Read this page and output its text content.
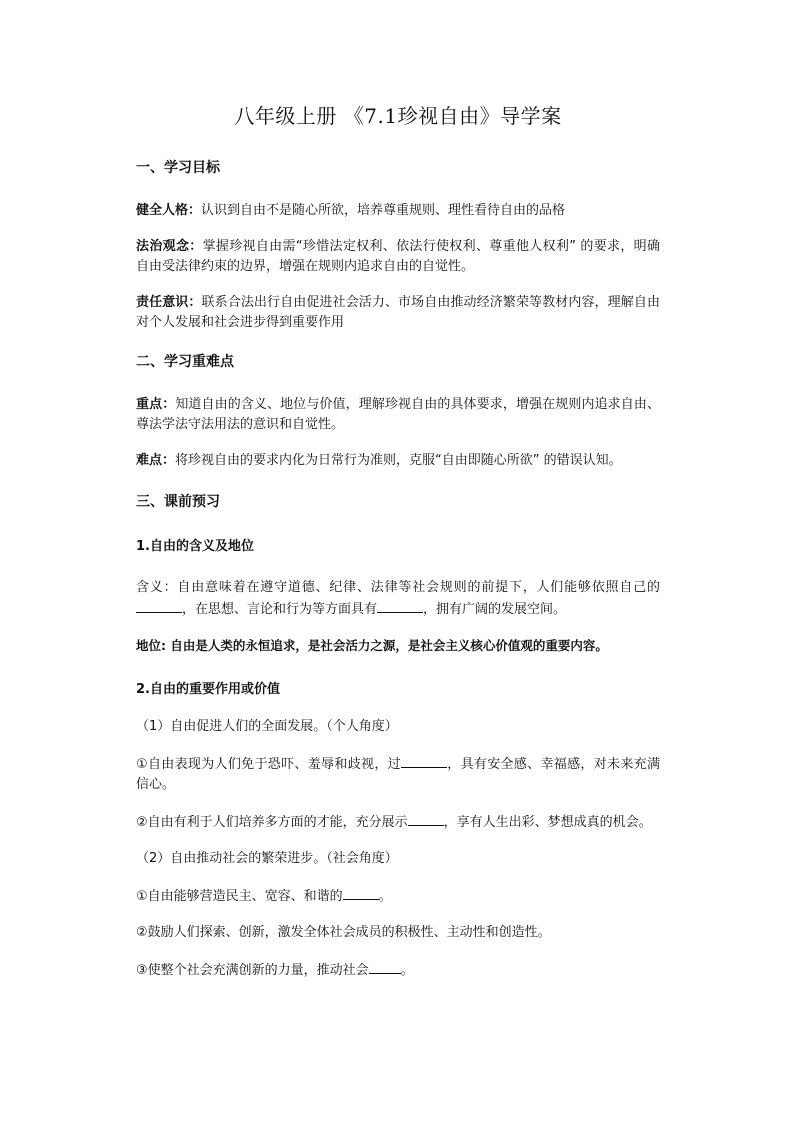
八年级上册 《7.1珍视自由》导学案
一、学习目标

健全人格：认识到自由不是随心所欲，培养尊重规则、理性看待自由的品格

法治观念：掌握珍视自由需“珍惜法定权利、依法行使权利、尊重他人权利” 的要求，明确自由受法律约束的边界，增强在规则内追求自由的自觉性。

责任意识：联系合法出行自由促进社会活力、市场自由推动经济繁荣等教材内容，理解自由对个人发展和社会进步得到重要作用

二、学习重难点

重点：知道自由的含义、地位与价值，理解珍视自由的具体要求，增强在规则内追求自由、尊法学法守法用法的意识和自觉性。

难点：将珍视自由的要求内化为日常行为准则，克服“自由即随心所欲” 的错误认知。

三、课前预习
1.自由的含义及地位

含义：自由意味着在遵守道德、纪律、法律等社会规则的前提下，人们能够依照自己的，在思想、言论和行为等方面具有	，拥有广阔的发展空间。

地位: 自由是人类的永恒追求，是社会活力之源，是社会主义核心价值观的重要内容。

2.自由的重要作用或价值

（1）自由促进人们的全面发展。（个人角度）

①自由表现为人们免于恐吓、羞辱和歧视，过	，具有安全感、幸福感，对未来充满信心。

②自由有利于人们培养多方面的才能，充分展示	，享有人生出彩、梦想成真的机会。

（2）自由推动社会的繁荣进步。（社会角度）

①自由能够营造民主、宽容、和谐的	。

②鼓励人们探索、创新，激发全体社会成员的积极性、主动性和创造性。

③使整个社会充满创新的力量，推动社会 。
